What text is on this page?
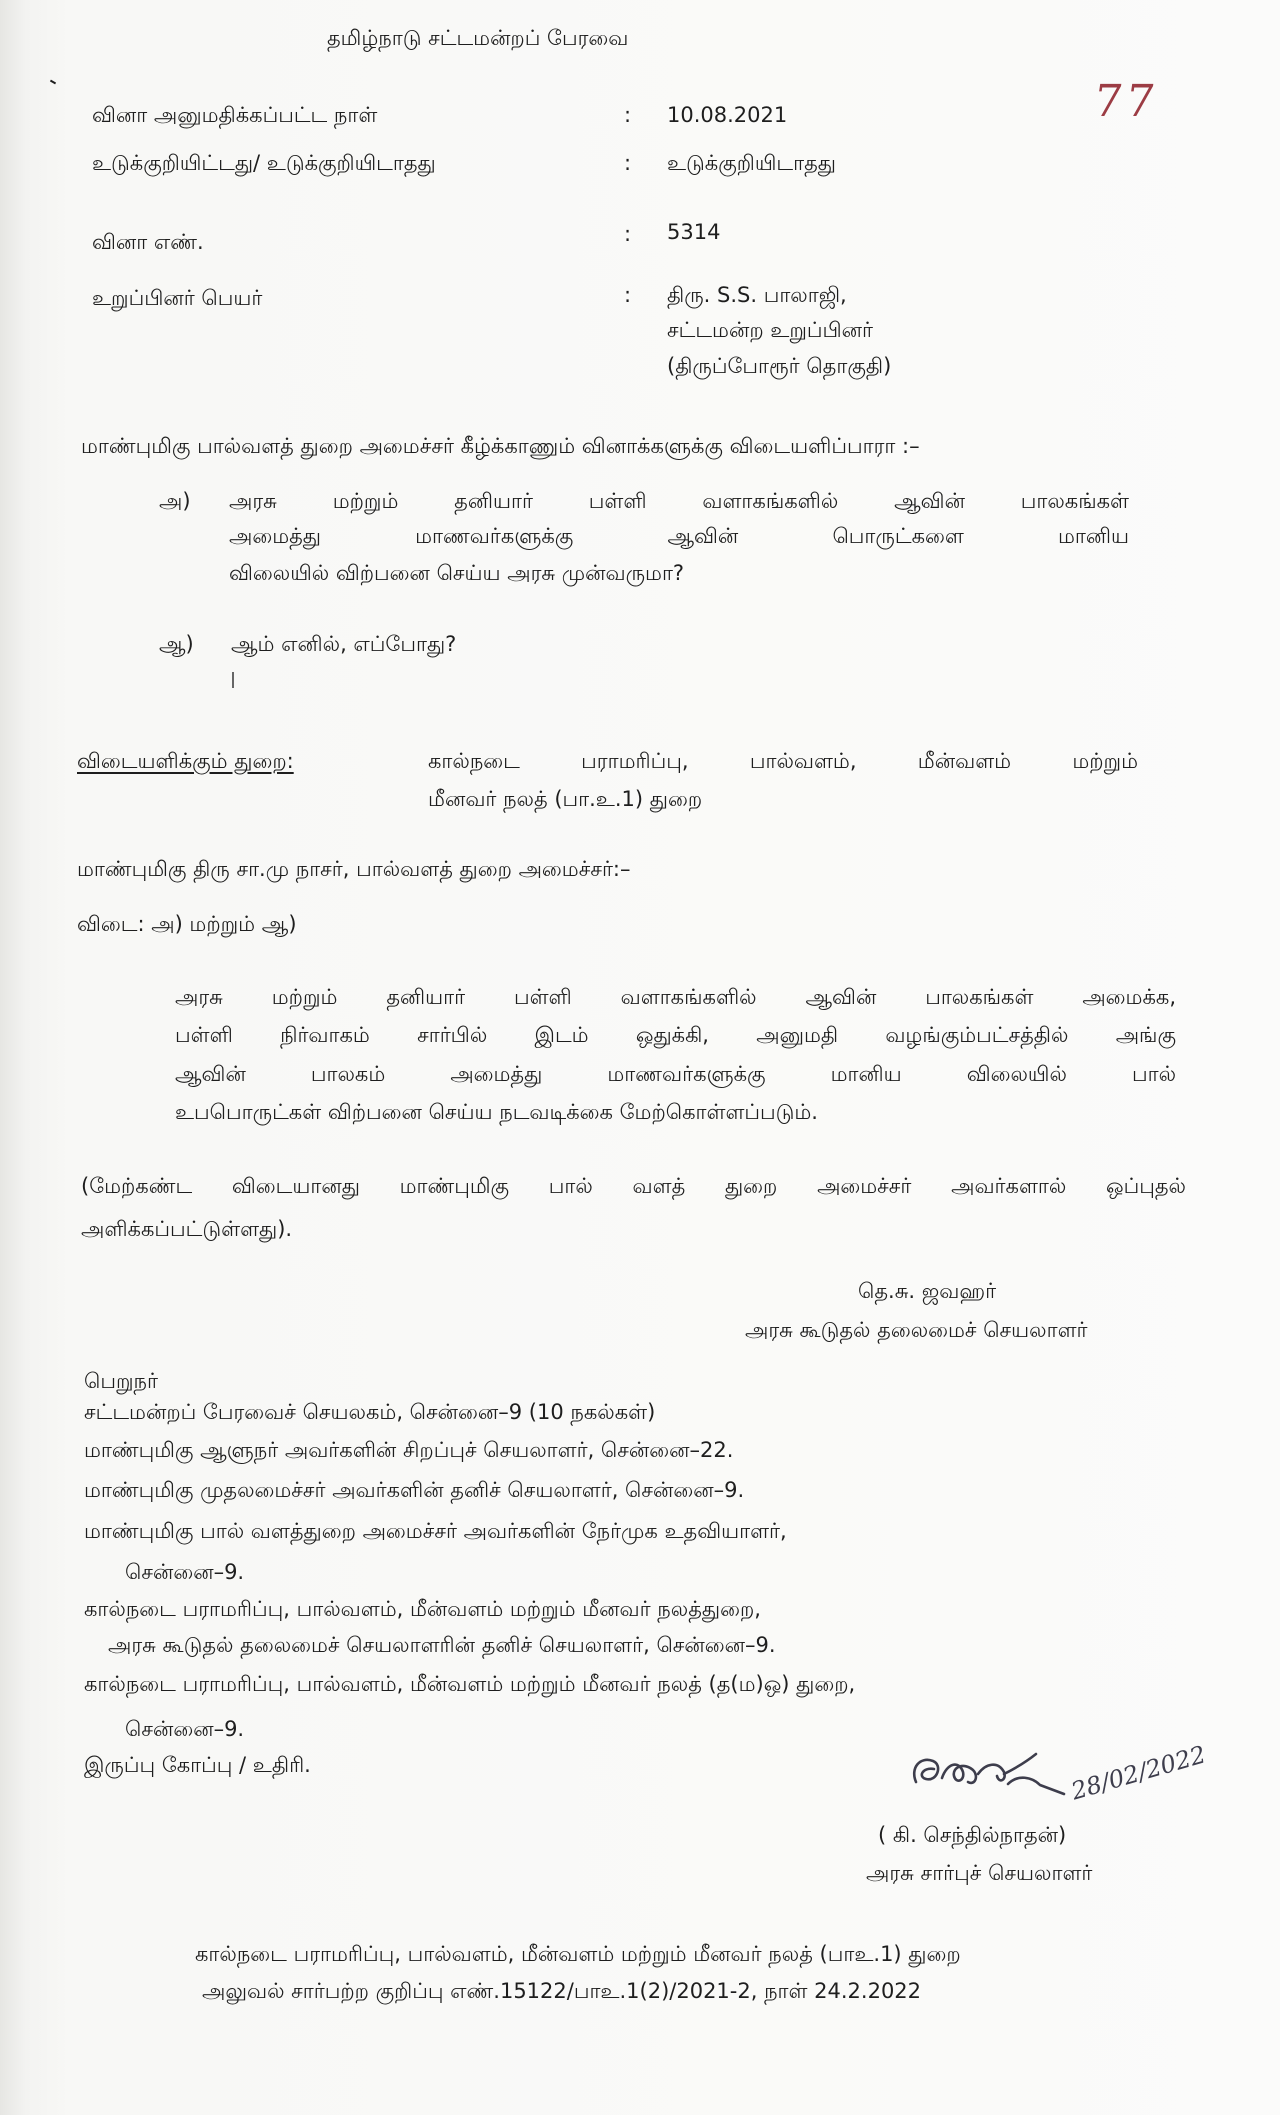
தமிழ்நாடு சட்டமன்றப் பேரவை
77
வினா அனுமதிக்கப்பட்ட நாள்	: 10.08.2021
உடுக்குறியிட்டது/ உடுக்குறியிடாதது	: உடுக்குறியிடாதது
வினா எண்.	: 5314
உறுப்பினர் பெயர்	: திரு. S.S. பாலாஜி,
சட்டமன்ற உறுப்பினர்
(திருப்போரூர் தொகுதி)
மாண்புமிகு பால்வளத் துறை அமைச்சர் கீழ்க்காணும் வினாக்களுக்கு விடையளிப்பாரா :–
அ) அரசு மற்றும் தனியார் பள்ளி வளாகங்களில் ஆவின் பாலகங்கள்
அமைத்து மாணவர்களுக்கு ஆவின் பொருட்களை மானிய
விலையில் விற்பனை செய்ய அரசு முன்வருமா?
ஆ) ஆம் எனில், எப்போது?
விடையளிக்கும் துறை:	கால்நடை பராமரிப்பு, பால்வளம், மீன்வளம் மற்றும்
மீனவர் நலத் (பா.உ.1) துறை
மாண்புமிகு திரு சா.மு நாசர், பால்வளத் துறை அமைச்சர்:–
விடை: அ) மற்றும் ஆ)
அரசு மற்றும் தனியார் பள்ளி வளாகங்களில் ஆவின் பாலகங்கள் அமைக்க,
பள்ளி நிர்வாகம் சார்பில் இடம் ஒதுக்கி, அனுமதி வழங்கும்பட்சத்தில் அங்கு
ஆவின் பாலகம் அமைத்து மாணவர்களுக்கு மானிய விலையில் பால்
உபபொருட்கள் விற்பனை செய்ய நடவடிக்கை மேற்கொள்ளப்படும்.
(மேற்கண்ட விடையானது மாண்புமிகு பால் வளத் துறை அமைச்சர் அவர்களால் ஒப்புதல்
அளிக்கப்பட்டுள்ளது).
தெ.சு. ஜவஹர்
அரசு கூடுதல் தலைமைச் செயலாளர்
பெறுநர்
சட்டமன்றப் பேரவைச் செயலகம், சென்னை–9 (10 நகல்கள்)
மாண்புமிகு ஆளுநர் அவர்களின் சிறப்புச் செயலாளர், சென்னை–22.
மாண்புமிகு முதலமைச்சர் அவர்களின் தனிச் செயலாளர், சென்னை–9.
மாண்புமிகு பால் வளத்துறை அமைச்சர் அவர்களின் நேர்முக உதவியாளர்,
சென்னை–9.
கால்நடை பராமரிப்பு, பால்வளம், மீன்வளம் மற்றும் மீனவர் நலத்துறை,
அரசு கூடுதல் தலைமைச் செயலாளரின் தனிச் செயலாளர், சென்னை–9.
கால்நடை பராமரிப்பு, பால்வளம், மீன்வளம் மற்றும் மீனவர் நலத் (த(ம)ஒ) துறை,
சென்னை–9.
இருப்பு கோப்பு / உதிரி.	28/02/2022
( கி. செந்தில்நாதன்)
அரசு சார்புச் செயலாளர்
கால்நடை பராமரிப்பு, பால்வளம், மீன்வளம் மற்றும் மீனவர் நலத் (பாஉ.1) துறை
அலுவல் சார்பற்ற குறிப்பு எண்.15122/பாஉ.1(2)/2021-2, நாள் 24.2.2022
